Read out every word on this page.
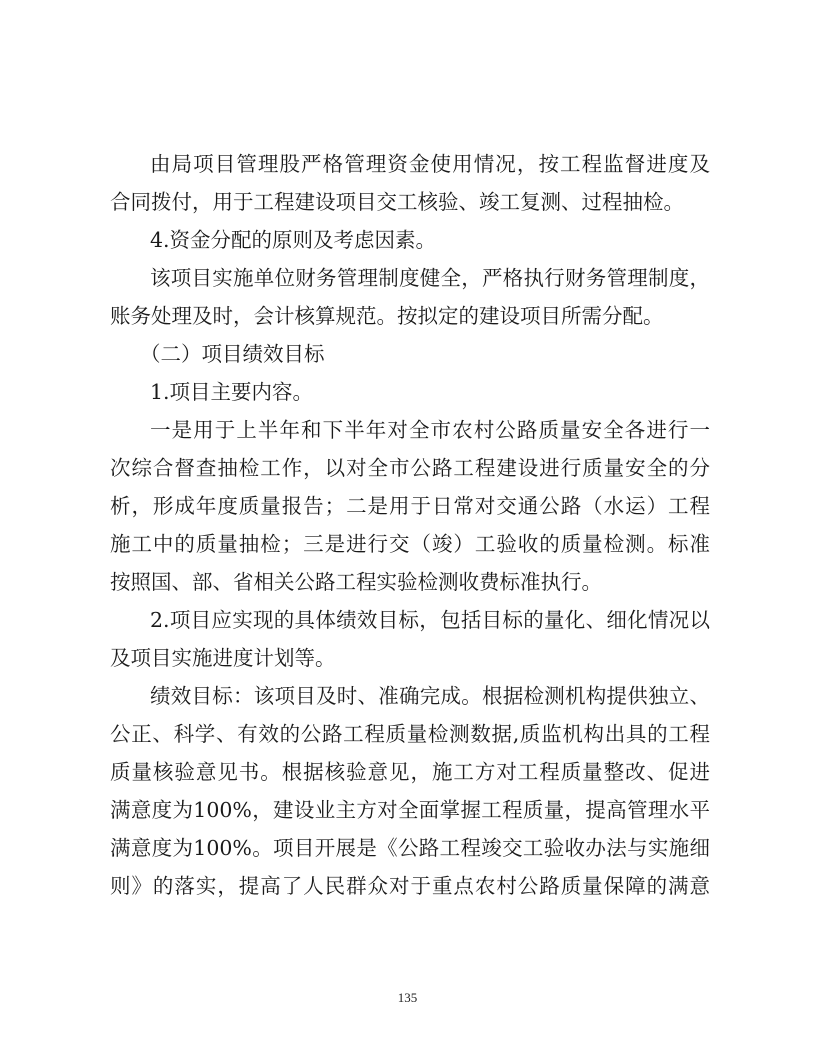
由局项目管理股严格管理资金使用情况，按工程监督进度及
合同拨付，用于工程建设项目交工核验、竣工复测、过程抽检。
4.资金分配的原则及考虑因素。
该项目实施单位财务管理制度健全，严格执行财务管理制度，
账务处理及时，会计核算规范。按拟定的建设项目所需分配。
（二）项目绩效目标
1.项目主要内容。
一是用于上半年和下半年对全市农村公路质量安全各进行一
次综合督查抽检工作，以对全市公路工程建设进行质量安全的分
析，形成年度质量报告；二是用于日常对交通公路（水运）工程
施工中的质量抽检；三是进行交（竣）工验收的质量检测。标准
按照国、部、省相关公路工程实验检测收费标准执行。
2.项目应实现的具体绩效目标，包括目标的量化、细化情况以
及项目实施进度计划等。
绩效目标：该项目及时、准确完成。根据检测机构提供独立、
公正、科学、有效的公路工程质量检测数据,质监机构出具的工程
质量核验意见书。根据核验意见，施工方对工程质量整改、促进
满意度为100%，建设业主方对全面掌握工程质量，提高管理水平
满意度为100%。项目开展是《公路工程竣交工验收办法与实施细
则》的落实，提高了人民群众对于重点农村公路质量保障的满意
135
